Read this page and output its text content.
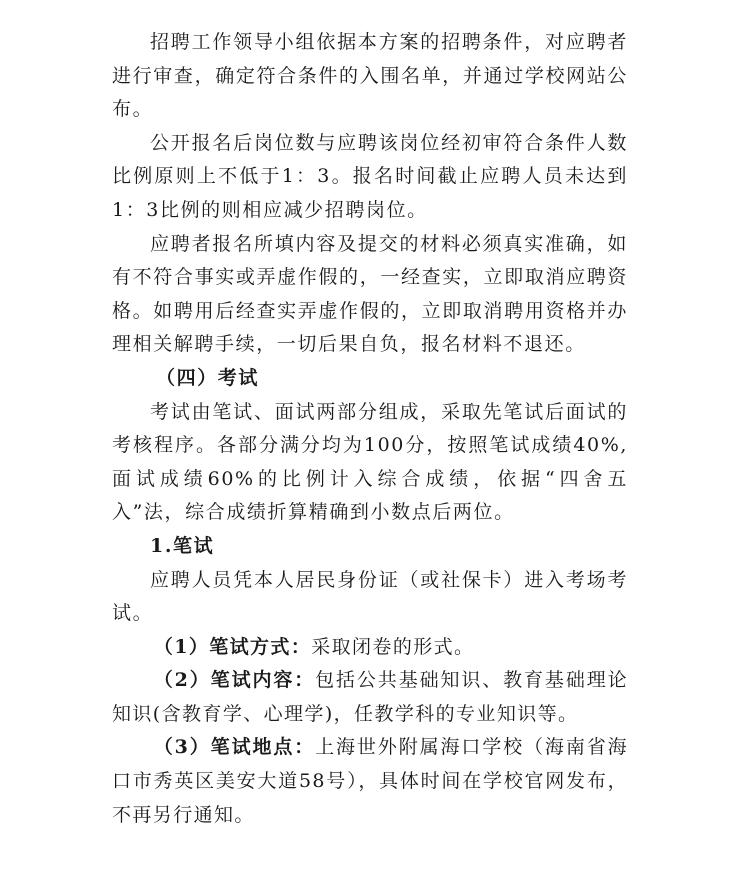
招聘工作领导小组依据本方案的招聘条件，对应聘者进行审查，确定符合条件的入围名单，并通过学校网站公布。

公开报名后岗位数与应聘该岗位经初审符合条件人数比例原则上不低于1：3。报名时间截止应聘人员未达到1：3比例的则相应减少招聘岗位。

应聘者报名所填内容及提交的材料必须真实准确，如有不符合事实或弄虚作假的，一经查实，立即取消应聘资格。如聘用后经查实弄虚作假的，立即取消聘用资格并办理相关解聘手续，一切后果自负，报名材料不退还。

（四）考试

考试由笔试、面试两部分组成，采取先笔试后面试的考核程序。各部分满分均为100分，按照笔试成绩40%,面试成绩60%的比例计入综合成绩，依据“四舍五入”法，综合成绩折算精确到小数点后两位。

1.笔试

应聘人员凭本人居民身份证（或社保卡）进入考场考试。

（1）笔试方式：采取闭卷的形式。

（2）笔试内容：包括公共基础知识、教育基础理论知识(含教育学、心理学)，任教学科的专业知识等。

（3）笔试地点：上海世外附属海口学校（海南省海口市秀英区美安大道58号），具体时间在学校官网发布，不再另行通知。
